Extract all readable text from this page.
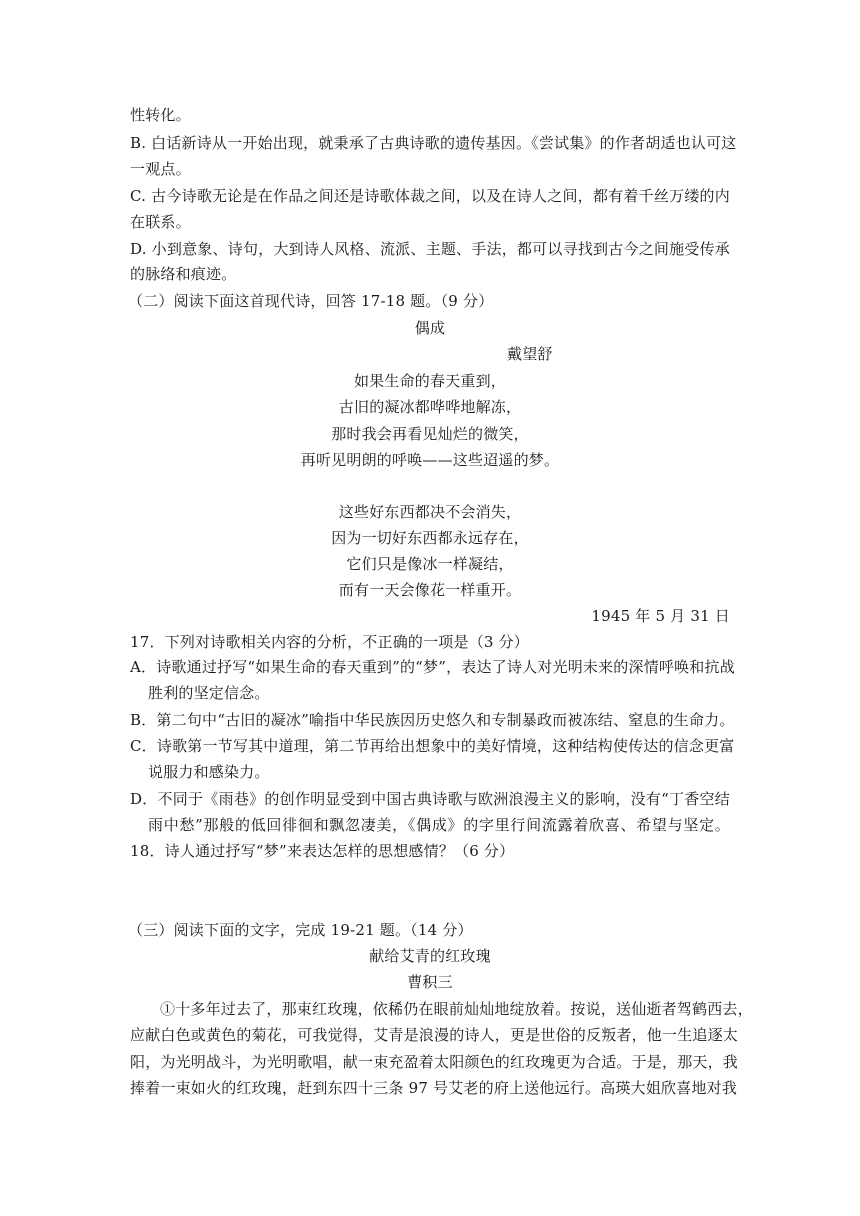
性转化。
B. 白话新诗从一开始出现，就秉承了古典诗歌的遗传基因。《尝试集》的作者胡适也认可这
一观点。
C. 古今诗歌无论是在作品之间还是诗歌体裁之间，以及在诗人之间，都有着千丝万缕的内
在联系。
D. 小到意象、诗句，大到诗人风格、流派、主题、手法，都可以寻找到古今之间施受传承
的脉络和痕迹。
（二）阅读下面这首现代诗，回答 17-18 题。（9 分）
偶成
戴望舒
如果生命的春天重到，
古旧的凝冰都哗哗地解冻，
那时我会再看见灿烂的微笑，
再听见明朗的呼唤——这些迢遥的梦。
这些好东西都决不会消失，
因为一切好东西都永远存在，
它们只是像冰一样凝结，
而有一天会像花一样重开。
1945 年 5 月 31 日
17．下列对诗歌相关内容的分析，不正确的一项是（3 分）
A．诗歌通过抒写“如果生命的春天重到”的“梦”，表达了诗人对光明未来的深情呼唤和抗战
胜利的坚定信念。
B．第二句中“古旧的凝冰”喻指中华民族因历史悠久和专制暴政而被冻结、窒息的生命力。
C．诗歌第一节写其中道理，第二节再给出想象中的美好情境，这种结构使传达的信念更富
说服力和感染力。
D．不同于《雨巷》的创作明显受到中国古典诗歌与欧洲浪漫主义的影响，没有“丁香空结
雨中愁”那般的低回徘徊和飘忽凄美，《偶成》的字里行间流露着欣喜、希望与坚定。
18．诗人通过抒写“梦”来表达怎样的思想感情？（6 分）
（三）阅读下面的文字，完成 19-21 题。（14 分）
献给艾青的红玫瑰
曹积三
①十多年过去了，那束红玫瑰，依稀仍在眼前灿灿地绽放着。按说，送仙逝者驾鹤西去，
应献白色或黄色的菊花，可我觉得，艾青是浪漫的诗人，更是世俗的反叛者，他一生追逐太
阳，为光明战斗，为光明歌唱，献一束充盈着太阳颜色的红玫瑰更为合适。于是，那天，我
捧着一束如火的红玫瑰，赶到东四十三条 97 号艾老的府上送他远行。高瑛大姐欣喜地对我
